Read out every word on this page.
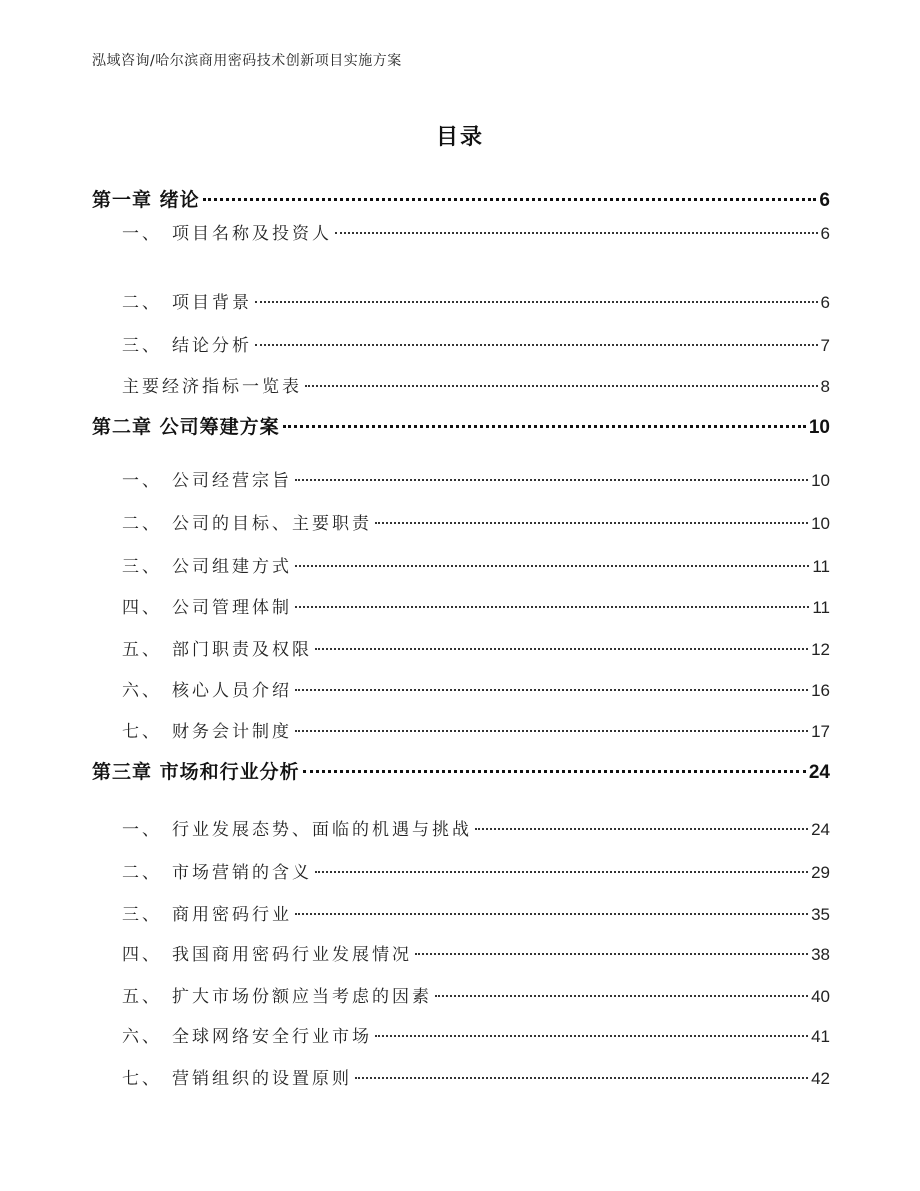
泓域咨询/哈尔滨商用密码技术创新项目实施方案
目录
第一章 绪论	6
一、 项目名称及投资人	6
二、 项目背景	6
三、 结论分析	7
主要经济指标一览表	8
第二章 公司筹建方案	10
一、 公司经营宗旨	10
二、 公司的目标、主要职责	10
三、 公司组建方式	11
四、 公司管理体制	11
五、 部门职责及权限	12
六、 核心人员介绍	16
七、 财务会计制度	17
第三章 市场和行业分析	24
一、 行业发展态势、面临的机遇与挑战	24
二、 市场营销的含义	29
三、 商用密码行业	35
四、 我国商用密码行业发展情况	38
五、 扩大市场份额应当考虑的因素	40
六、 全球网络安全行业市场	41
七、 营销组织的设置原则	42
